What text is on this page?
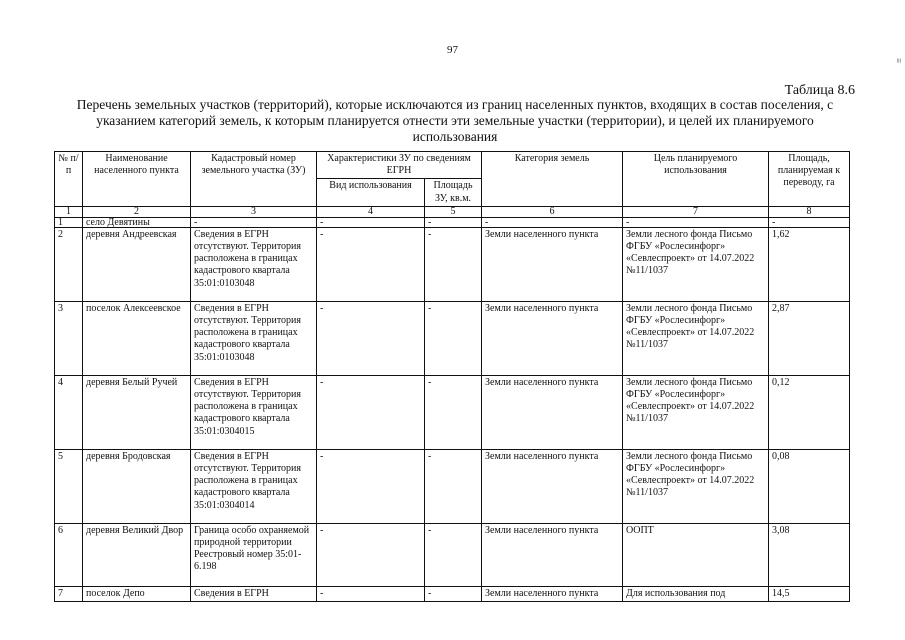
97
≡
Таблица 8.6
Перечень земельных участков (территорий), которые исключаются из границ населенных пунктов, входящих в состав поселения, с указанием категорий земель, к которым планируется отнести эти земельные участки (территории), и целей их планируемого использования
№ п/п	Наименование населенного пункта	Кадастровый номер земельного участка (ЗУ)	Характеристики ЗУ по сведениям ЕГРН		Категория земель	Цель планируемого использования	Площадь, планируемая к переводу, га
			Вид использования	Площадь ЗУ, кв.м.			
1	2	3	4	5	6	7	8
1	село Девятины	-	-	-	-	-	-
2	деревня Андреевская	Сведения в ЕГРН отсутствуют. Территория расположена в границах кадастрового квартала 35:01:0103048	-	-	Земли населенного пункта	Земли лесного фонда Письмо ФГБУ «Рослесинфорг» «Севлеспроект» от 14.07.2022 №11/1037	1,62
3	поселок Алексеевское	Сведения в ЕГРН отсутствуют. Территория расположена в границах кадастрового квартала 35:01:0103048	-	-	Земли населенного пункта	Земли лесного фонда Письмо ФГБУ «Рослесинфорг» «Севлеспроект» от 14.07.2022 №11/1037	2,87
4	деревня Белый Ручей	Сведения в ЕГРН отсутствуют. Территория расположена в границах кадастрового квартала 35:01:0304015	-	-	Земли населенного пункта	Земли лесного фонда Письмо ФГБУ «Рослесинфорг» «Севлеспроект» от 14.07.2022 №11/1037	0,12
5	деревня Бродовская	Сведения в ЕГРН отсутствуют. Территория расположена в границах кадастрового квартала 35:01:0304014	-	-	Земли населенного пункта	Земли лесного фонда Письмо ФГБУ «Рослесинфорг» «Севлеспроект» от 14.07.2022 №11/1037	0,08
6	деревня Великий Двор	Граница особо охраняемой природной территории Реестровый номер 35:01-6.198	-	-	Земли населенного пункта	ООПТ	3,08
7	поселок Депо	Сведения в ЕГРН	-	-	Земли населенного пункта	Для использования под	14,5
